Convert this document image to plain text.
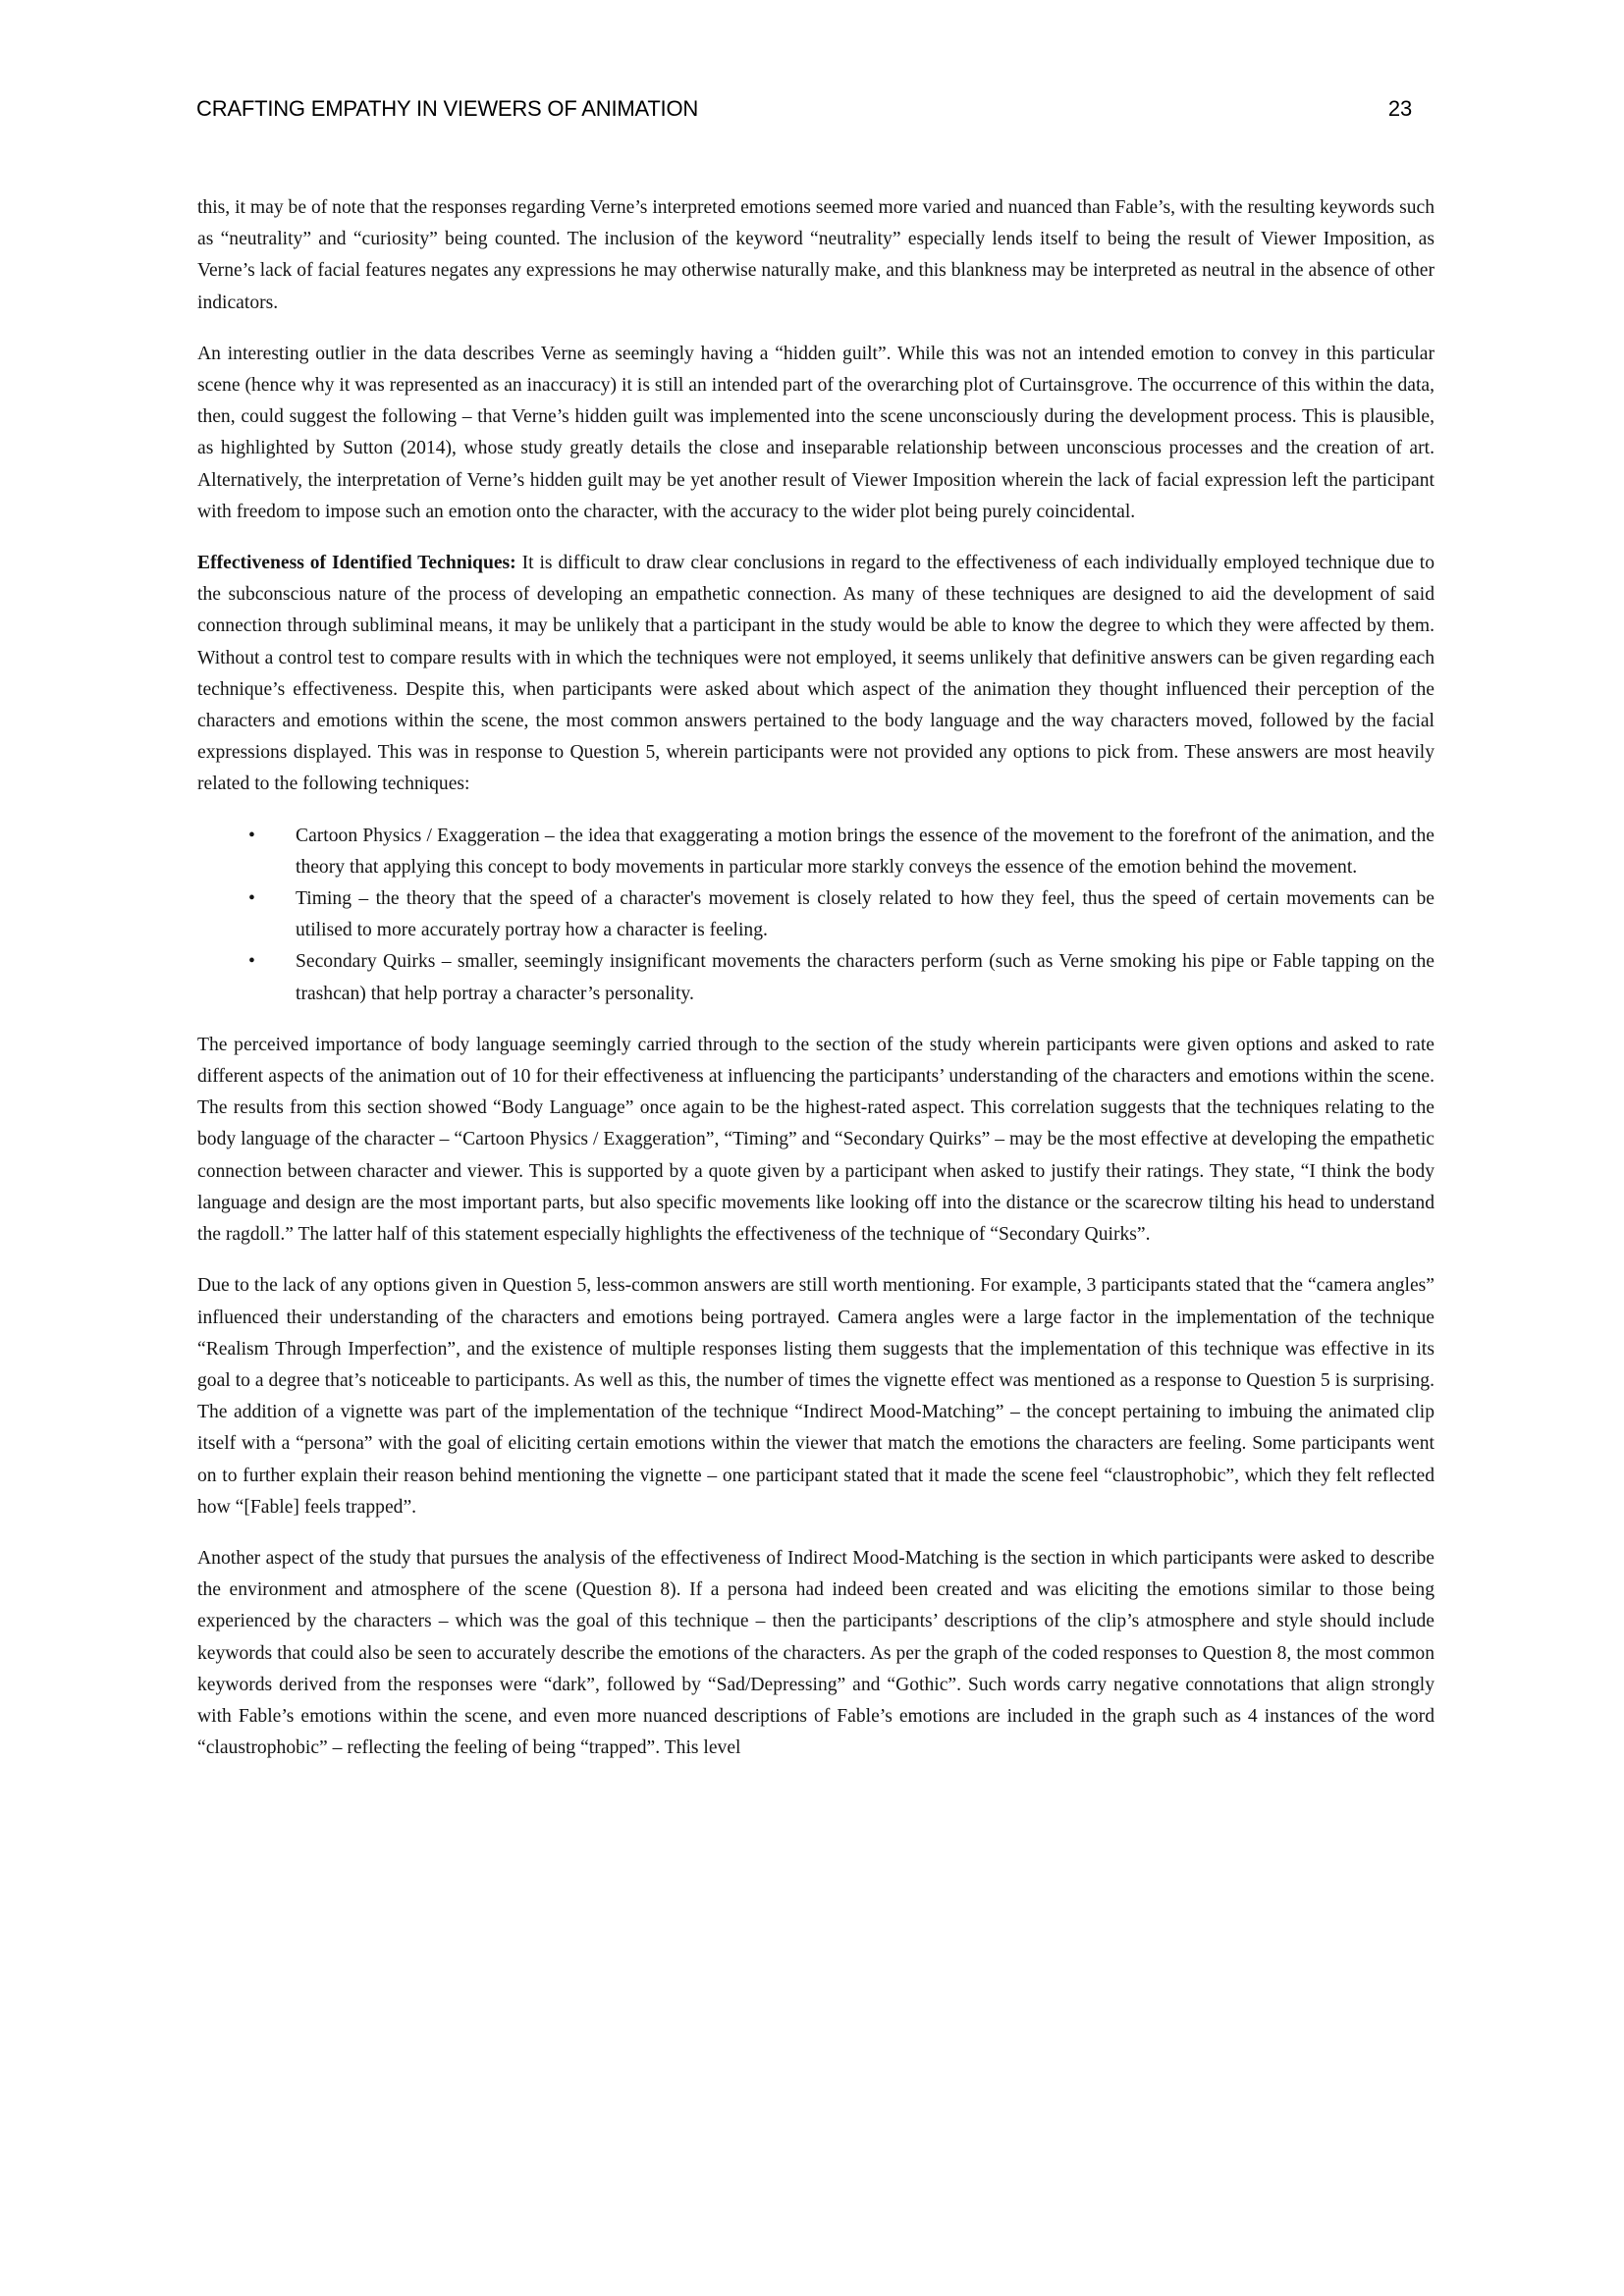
CRAFTING EMPATHY IN VIEWERS OF ANIMATION	23

this, it may be of note that the responses regarding Verne’s interpreted emotions seemed more varied and nuanced than Fable’s, with the resulting keywords such as “neutrality” and “curiosity” being counted. The inclusion of the keyword “neutrality” especially lends itself to being the result of Viewer Imposition, as Verne’s lack of facial features negates any expressions he may otherwise naturally make, and this blankness may be interpreted as neutral in the absence of other indicators.

An interesting outlier in the data describes Verne as seemingly having a “hidden guilt”. While this was not an intended emotion to convey in this particular scene (hence why it was represented as an inaccuracy) it is still an intended part of the overarching plot of Curtainsgrove. The occurrence of this within the data, then, could suggest the following – that Verne’s hidden guilt was implemented into the scene unconsciously during the development process. This is plausible, as highlighted by Sutton (2014), whose study greatly details the close and inseparable relationship between unconscious processes and the creation of art. Alternatively, the interpretation of Verne’s hidden guilt may be yet another result of Viewer Imposition wherein the lack of facial expression left the participant with freedom to impose such an emotion onto the character, with the accuracy to the wider plot being purely coincidental.

Effectiveness of Identified Techniques: It is difficult to draw clear conclusions in regard to the effectiveness of each individually employed technique due to the subconscious nature of the process of developing an empathetic connection. As many of these techniques are designed to aid the development of said connection through subliminal means, it may be unlikely that a participant in the study would be able to know the degree to which they were affected by them. Without a control test to compare results with in which the techniques were not employed, it seems unlikely that definitive answers can be given regarding each technique’s effectiveness. Despite this, when participants were asked about which aspect of the animation they thought influenced their perception of the characters and emotions within the scene, the most common answers pertained to the body language and the way characters moved, followed by the facial expressions displayed. This was in response to Question 5, wherein participants were not provided any options to pick from. These answers are most heavily related to the following techniques:

• Cartoon Physics / Exaggeration – the idea that exaggerating a motion brings the essence of the movement to the forefront of the animation, and the theory that applying this concept to body movements in particular more starkly conveys the essence of the emotion behind the movement.
• Timing – the theory that the speed of a character's movement is closely related to how they feel, thus the speed of certain movements can be utilised to more accurately portray how a character is feeling.
• Secondary Quirks – smaller, seemingly insignificant movements the characters perform (such as Verne smoking his pipe or Fable tapping on the trashcan) that help portray a character’s personality.

The perceived importance of body language seemingly carried through to the section of the study wherein participants were given options and asked to rate different aspects of the animation out of 10 for their effectiveness at influencing the participants’ understanding of the characters and emotions within the scene. The results from this section showed “Body Language” once again to be the highest-rated aspect. This correlation suggests that the techniques relating to the body language of the character – “Cartoon Physics / Exaggeration”, “Timing” and “Secondary Quirks” – may be the most effective at developing the empathetic connection between character and viewer. This is supported by a quote given by a participant when asked to justify their ratings. They state, “I think the body language and design are the most important parts, but also specific movements like looking off into the distance or the scarecrow tilting his head to understand the ragdoll.” The latter half of this statement especially highlights the effectiveness of the technique of “Secondary Quirks”.

Due to the lack of any options given in Question 5, less-common answers are still worth mentioning. For example, 3 participants stated that the “camera angles” influenced their understanding of the characters and emotions being portrayed. Camera angles were a large factor in the implementation of the technique “Realism Through Imperfection”, and the existence of multiple responses listing them suggests that the implementation of this technique was effective in its goal to a degree that’s noticeable to participants. As well as this, the number of times the vignette effect was mentioned as a response to Question 5 is surprising. The addition of a vignette was part of the implementation of the technique “Indirect Mood-Matching” – the concept pertaining to imbuing the animated clip itself with a “persona” with the goal of eliciting certain emotions within the viewer that match the emotions the characters are feeling. Some participants went on to further explain their reason behind mentioning the vignette – one participant stated that it made the scene feel “claustrophobic”, which they felt reflected how “[Fable] feels trapped”.

Another aspect of the study that pursues the analysis of the effectiveness of Indirect Mood-Matching is the section in which participants were asked to describe the environment and atmosphere of the scene (Question 8). If a persona had indeed been created and was eliciting the emotions similar to those being experienced by the characters – which was the goal of this technique – then the participants’ descriptions of the clip’s atmosphere and style should include keywords that could also be seen to accurately describe the emotions of the characters. As per the graph of the coded responses to Question 8, the most common keywords derived from the responses were “dark”, followed by “Sad/Depressing” and “Gothic”. Such words carry negative connotations that align strongly with Fable’s emotions within the scene, and even more nuanced descriptions of Fable’s emotions are included in the graph such as 4 instances of the word “claustrophobic” – reflecting the feeling of being “trapped”. This level
